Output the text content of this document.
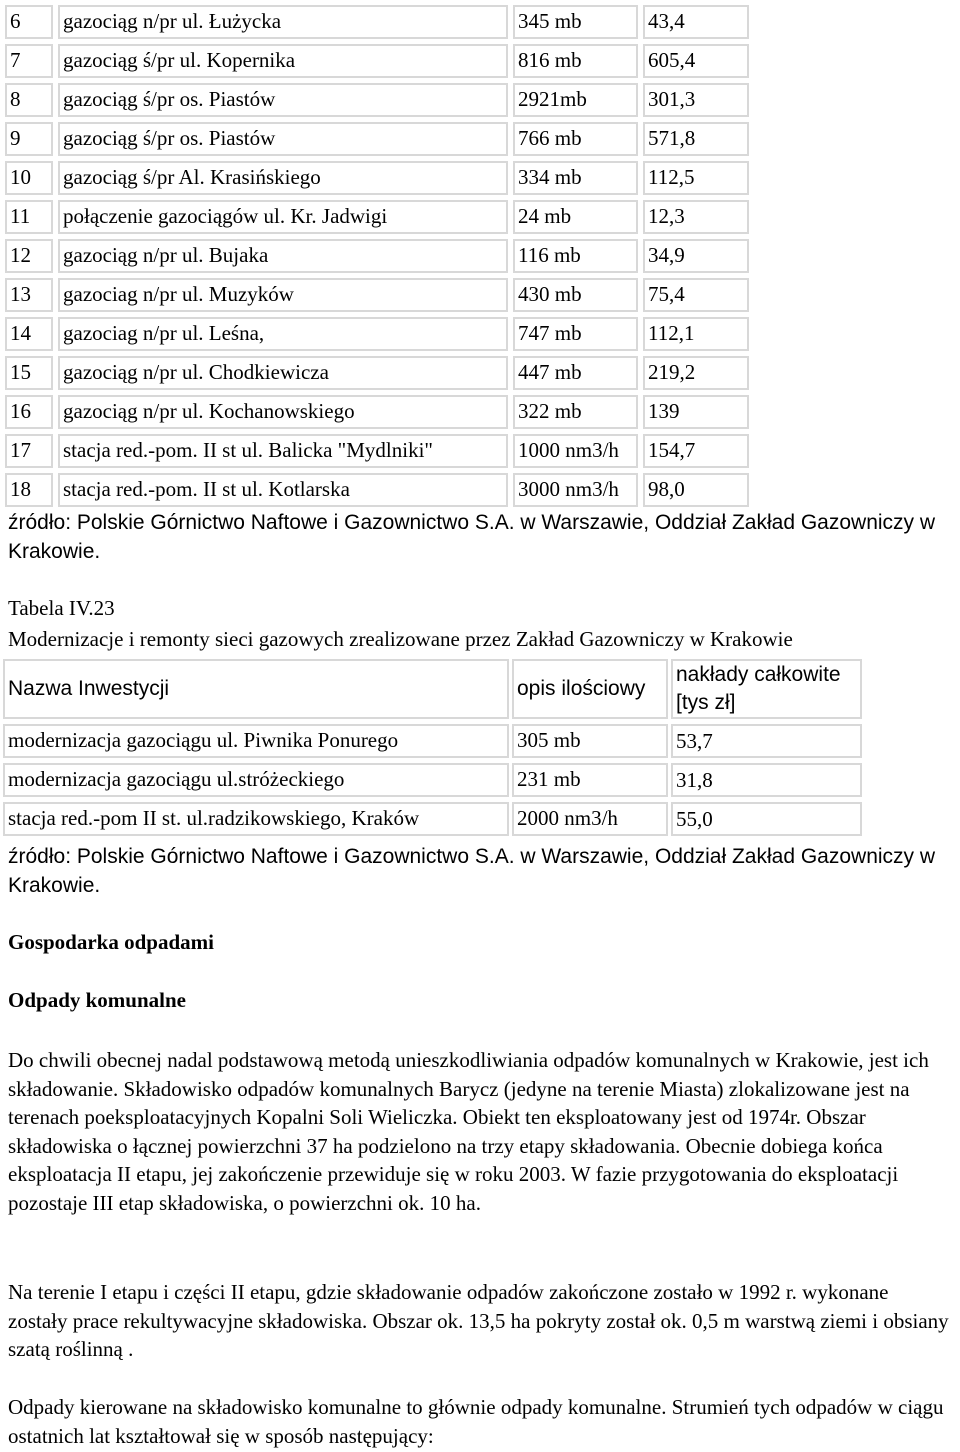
6	gazociąg n/pr ul. Łużycka	345 mb	43,4
7	gazociąg ś/pr ul. Kopernika	816 mb	605,4
8	gazociąg ś/pr os. Piastów	2921mb	301,3
9	gazociąg ś/pr os. Piastów	766 mb	571,8
10	gazociąg ś/pr Al. Krasińskiego	334 mb	112,5
11	połączenie gazociągów ul. Kr. Jadwigi	24 mb	12,3
12	gazociąg n/pr ul. Bujaka	116 mb	34,9
13	gazociag n/pr ul. Muzyków	430 mb	75,4
14	gazociag n/pr ul. Leśna,	747 mb	112,1
15	gazociąg n/pr ul. Chodkiewicza	447 mb	219,2
16	gazociąg n/pr ul. Kochanowskiego	322 mb	139
17	stacja red.-pom. II st ul. Balicka "Mydlniki"	1000 nm3/h	154,7
18	stacja red.-pom. II st ul. Kotlarska	3000 nm3/h	98,0
źródło: Polskie Górnictwo Naftowe i Gazownictwo S.A. w Warszawie, Oddział Zakład Gazowniczy w Krakowie.
Tabela IV.23
Modernizacje i remonty sieci gazowych zrealizowane przez Zakład Gazowniczy w Krakowie
Nazwa Inwestycji	opis ilościowy	nakłady całkowite [tys zł]
modernizacja gazociągu ul. Piwnika Ponurego	305 mb	53,7
modernizacja gazociągu ul.stróżeckiego	231 mb	31,8
stacja red.-pom II st. ul.radzikowskiego, Kraków	2000 nm3/h	55,0
źródło: Polskie Górnictwo Naftowe i Gazownictwo S.A. w Warszawie, Oddział Zakład Gazowniczy w Krakowie.
Gospodarka odpadami
Odpady komunalne
Do chwili obecnej nadal podstawową metodą unieszkodliwiania odpadów komunalnych w Krakowie, jest ich składowanie. Składowisko odpadów komunalnych Barycz (jedyne na terenie Miasta) zlokalizowane jest na terenach poeksploatacyjnych Kopalni Soli Wieliczka. Obiekt ten eksploatowany jest od 1974r. Obszar składowiska o łącznej powierzchni 37 ha podzielono na trzy etapy składowania. Obecnie dobiega końca eksploatacja II etapu, jej zakończenie przewiduje się w roku 2003. W fazie przygotowania do eksploatacji pozostaje III etap składowiska, o powierzchni ok. 10 ha.
Na terenie I etapu i części II etapu, gdzie składowanie odpadów zakończone zostało w 1992 r. wykonane zostały prace rekultywacyjne składowiska. Obszar ok. 13,5 ha pokryty został ok. 0,5 m warstwą ziemi i obsiany szatą roślinną .
Odpady kierowane na składowisko komunalne to głównie odpady komunalne. Strumień tych odpadów w ciągu ostatnich lat kształtował się w sposób następujący:
